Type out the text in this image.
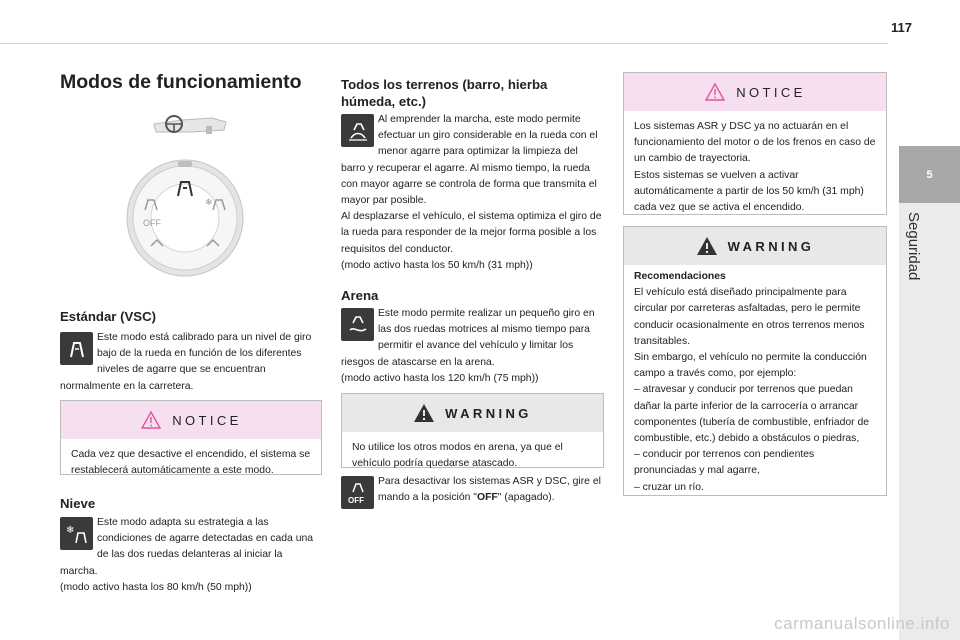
117
5
Seguridad
Modos de funcionamiento
OFF
❄
Estándar (VSC)

Este modo está calibrado para un nivel de giro bajo de la rueda en función de los diferentes niveles de agarre que se encuentran normalmente en la carretera.

NOTICE

Cada vez que desactive el encendido, el sistema se restablecerá automáticamente a este modo.

Nieve
❄

Este modo adapta su estrategia a las condiciones de agarre detectadas en cada una de las dos ruedas delanteras al iniciar la marcha.

(modo activo hasta los 80 km/h (50 mph))

Todos los terrenos (barro, hierba húmeda, etc.)

Al emprender la marcha, este modo permite efectuar un giro considerable en la rueda con el menor agarre para optimizar la limpieza del barro y recuperar el agarre. Al mismo tiempo, la rueda con mayor agarre se controla de forma que transmita el mayor par posible.

Al desplazarse el vehículo, el sistema optimiza el giro de la rueda para responder de la mejor forma posible a los requisitos del conductor.

(modo activo hasta los 50 km/h (31 mph))

Arena

Este modo permite realizar un pequeño giro en las dos ruedas motrices al mismo tiempo para permitir el avance del vehículo y limitar los riesgos de atascarse en la arena.

(modo activo hasta los 120 km/h (75 mph))

WARNING

No utilice los otros modos en arena, ya que el vehículo podría quedarse atascado.

OFF

Para desactivar los sistemas ASR y DSC, gire el mando a la posición "OFF" (apagado).

NOTICE

Los sistemas ASR y DSC ya no actuarán en el funcionamiento del motor o de los frenos en caso de un cambio de trayectoria.

Estos sistemas se vuelven a activar automáticamente a partir de los 50 km/h (31 mph) cada vez que se activa el encendido.

WARNING

Recomendaciones

El vehículo está diseñado principalmente para circular por carreteras asfaltadas, pero le permite conducir ocasionalmente en otros terrenos menos transitables.

Sin embargo, el vehículo no permite la conducción campo a través como, por ejemplo:

– atravesar y conducir por terrenos que puedan dañar la parte inferior de la carrocería o arrancar componentes (tubería de combustible, enfriador de combustible, etc.) debido a obstáculos o piedras,

– conducir por terrenos con pendientes pronunciadas y mal agarre,

– cruzar un río.

carmanualsonline.info
